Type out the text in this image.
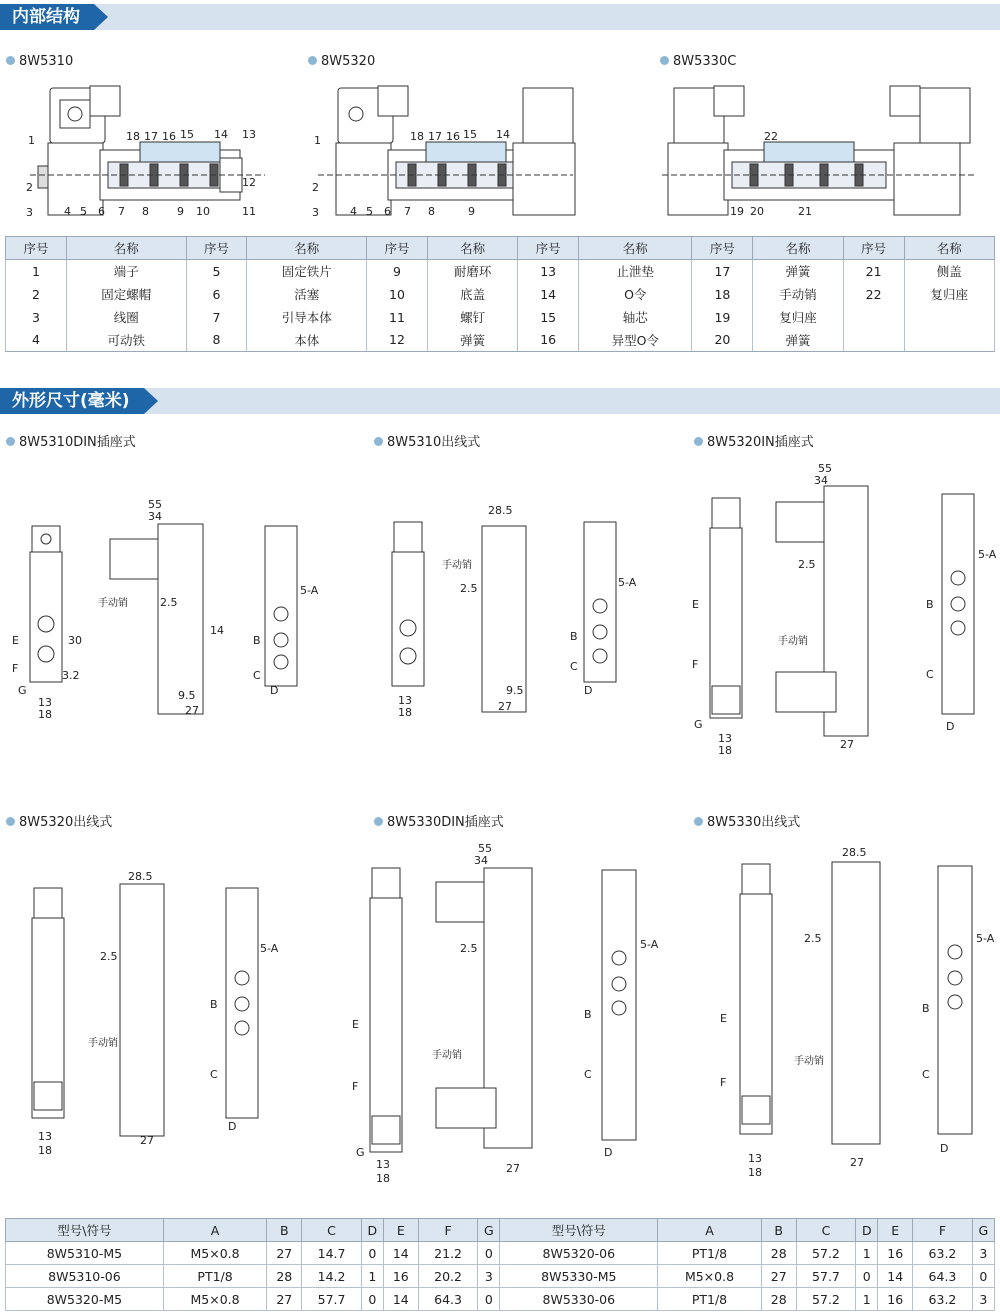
内部结构
8W5310	8W5320	8W5330C
1
2
3	4 5 6 7 8	9 10	11
12
13
14
15
16
17
18	1
2
3	4 5 6 7 8	9
14
15
16
17
18
19 20	21
22
序号	名称	序号	名称	序号	名称	序号	名称	序号	名称	序号	名称
1	端子	5	固定铁片	9	耐磨环	13	止泄垫	17	弹簧	21	侧盖
2	固定螺帽	6	活塞	10	底盖	14	O令	18	手动销	22	复归座
3	线圈	7	引导本体	11	螺钉	15	轴芯	19	复归座		
4	可动铁	8	本体	12	弹簧	16	异型O令	20	弹簧		
外形尺寸(毫米)
8W5310DIN插座式	8W5310出线式	8W5320IN插座式
8W5320出线式	8W5330DIN插座式	8W5330出线式
55
34
2.5
手动销
14
27
9.5
13
18
G
E
F
30
3.2
B
C
D
5-A
28.5
手动销
2.5
27
9.5
13
18
B
C
D
5-A
55
34
2.5
手动销
27
13
18
G
E
F
B
C
D
5-A
28.5
2.5
手动销
27
13
18
B
C
D
5-A
55
34
2.5
手动销
27
13
18
G
E
F
B
C
D
5-A
28.5
2.5
手动销
27
13
18
E
F
B
C
D
5-A
型号\符号	A	B	C	D	E	F	G	型号\符号	A	B	C	D	E	F	G
8W5310-M5	M5×0.8	27	14.7	0	14	21.2	0	8W5320-06	PT1/8	28	57.2	1	16	63.2	3
8W5310-06	PT1/8	28	14.2	1	16	20.2	3	8W5330-M5	M5×0.8	27	57.7	0	14	64.3	0
8W5320-M5	M5×0.8	27	57.7	0	14	64.3	0	8W5330-06	PT1/8	28	57.2	1	16	63.2	3
